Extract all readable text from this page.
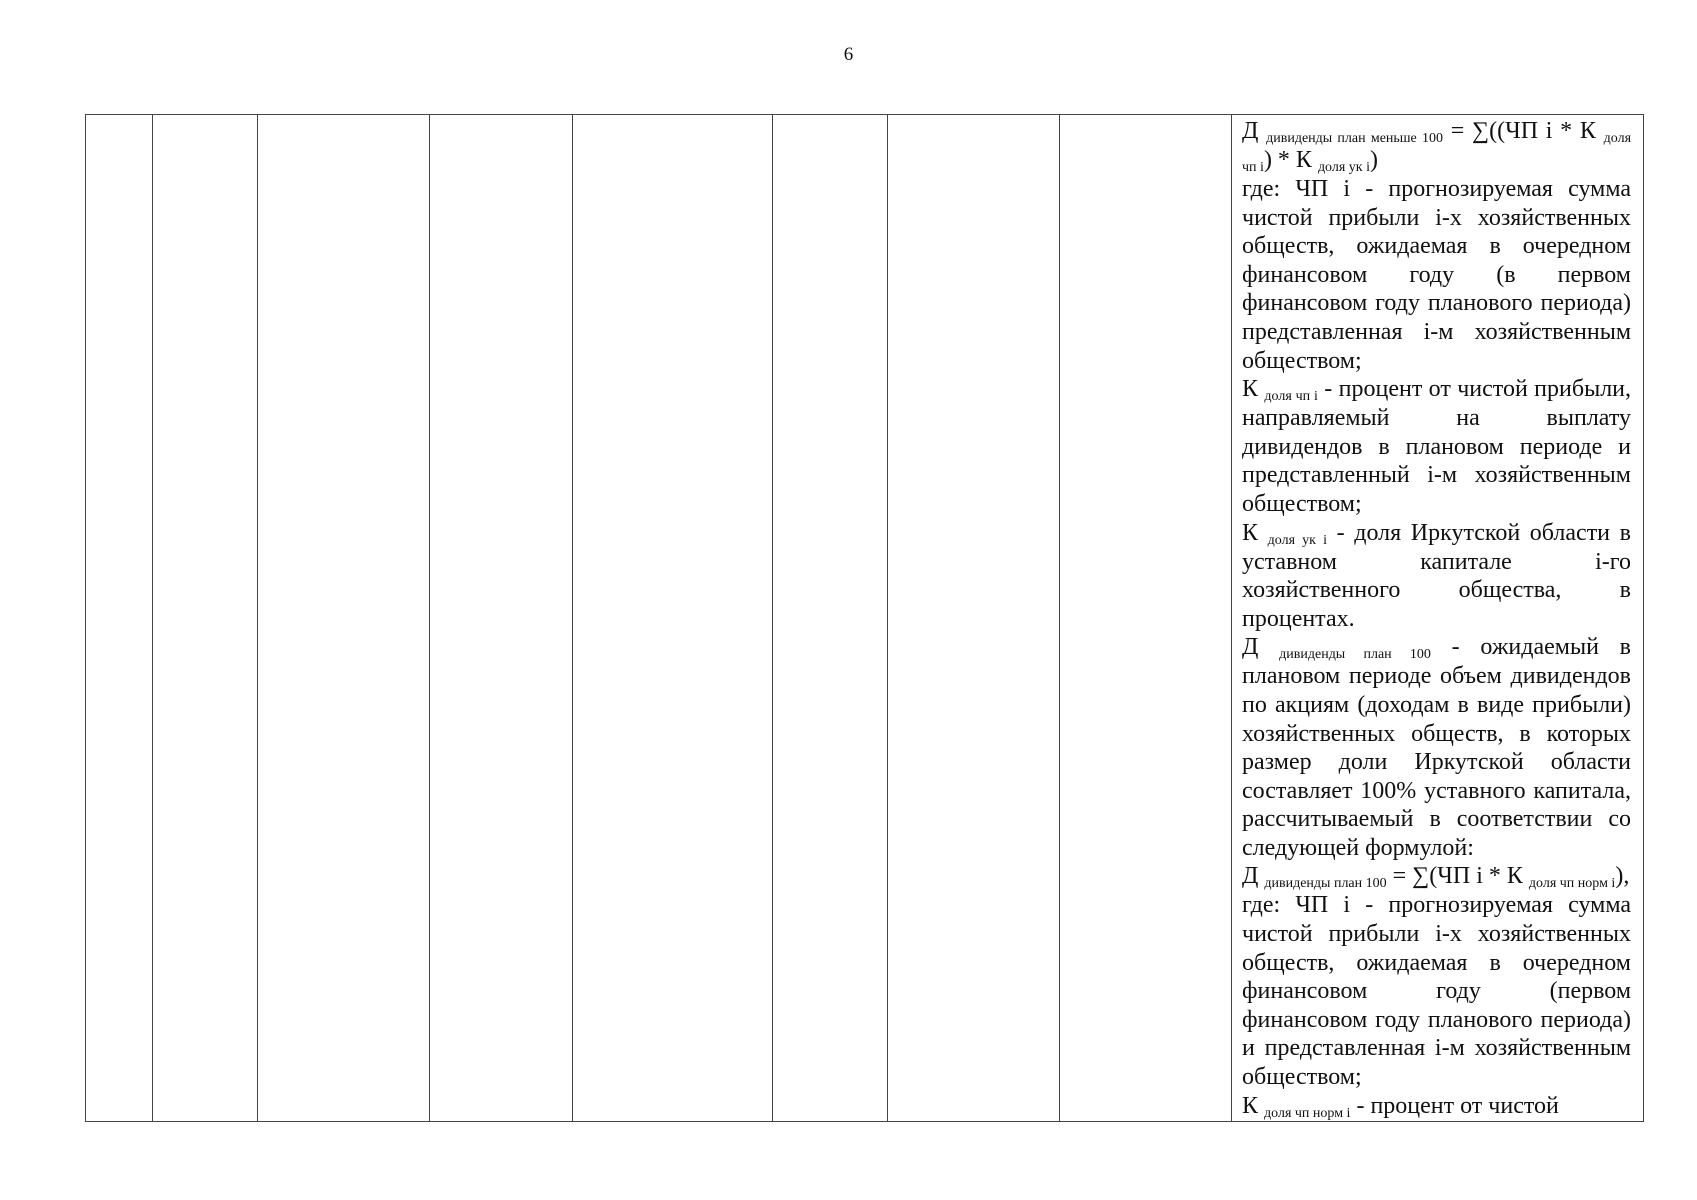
6

Д $_{дивиденды план меньше 100}$ = ∑((ЧП i * К $_{доля чп i}$) * К $_{доля ук i}$)

где: ЧП i - прогнозируемая сумма чистой прибыли i-х хозяйственных обществ, ожидаемая в очередном финансовом году (в первом финансовом году планового периода) представленная i-м хозяйственным обществом;

К $_{доля чп i}$ - процент от чистой прибыли, направляемый на выплату дивидендов в плановом периоде и представленный i-м хозяйственным обществом;

К $_{доля ук i}$ - доля Иркутской области в уставном капитале i-го хозяйственного общества, в процентах.

Д $_{дивиденды план 100}$ - ожидаемый в плановом периоде объем дивидендов по акциям (доходам в виде прибыли) хозяйственных обществ, в которых размер доли Иркутской области составляет 100% уставного капитала, рассчитываемый в соответствии со следующей формулой:

Д $_{дивиденды план 100}$ = ∑(ЧП i * К $_{доля чп норм i}$),

где: ЧП i - прогнозируемая сумма чистой прибыли i-х хозяйственных обществ, ожидаемая в очередном финансовом году (первом финансовом году планового периода) и представленная i-м хозяйственным обществом;

К $_{доля чп норм i}$ - процент от чистой
